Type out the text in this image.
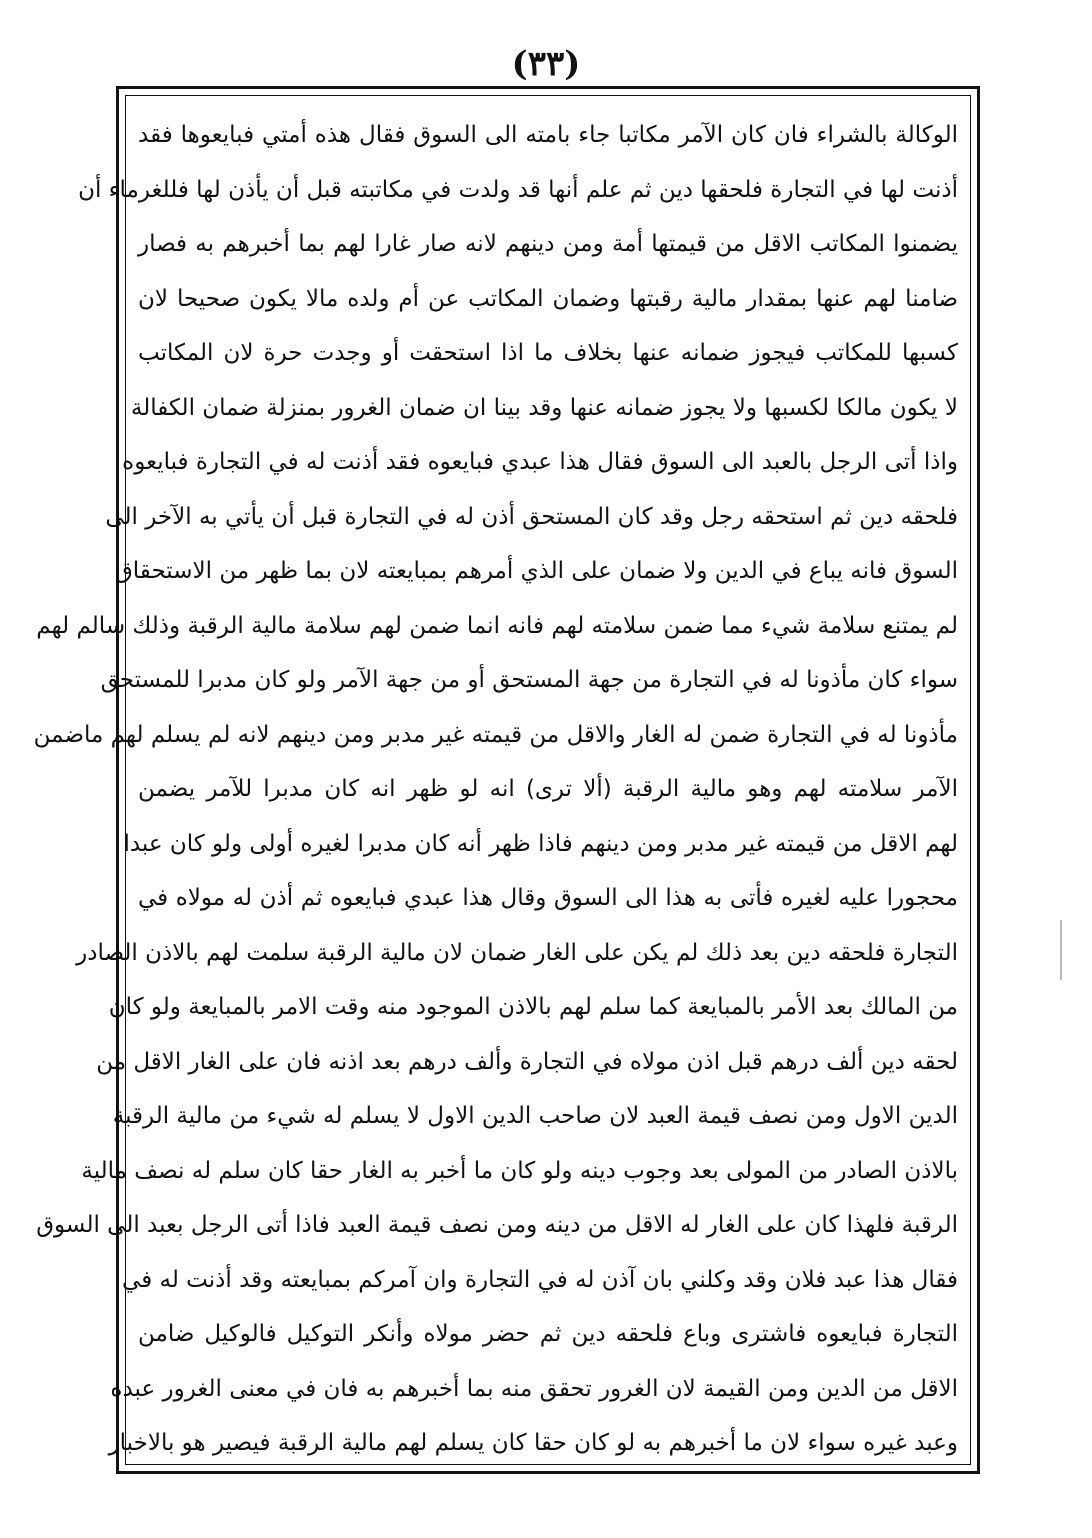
(٣٣)
الوكالة بالشراء فان كان الآمر مكاتبا جاء بامته الى السوق فقال هذه أمتي فبايعوها فقد
أذنت لها في التجارة فلحقها دين ثم علم أنها قد ولدت في مكاتبته قبل أن يأذن لها فللغرماء أن
يضمنوا المكاتب الاقل من قيمتها أمة ومن دينهم لانه صار غارا لهم بما أخبرهم به فصار
ضامنا لهم عنها بمقدار مالية رقبتها وضمان المكاتب عن أم ولده مالا يكون صحيحا لان
كسبها للمكاتب فيجوز ضمانه عنها بخلاف ما اذا استحقت أو وجدت حرة لان المكاتب
لا يكون مالكا لكسبها ولا يجوز ضمانه عنها وقد بينا ان ضمان الغرور بمنزلة ضمان الكفالة
واذا أتى الرجل بالعبد الى السوق فقال هذا عبدي فبايعوه فقد أذنت له في التجارة فبايعوه
فلحقه دين ثم استحقه رجل وقد كان المستحق أذن له في التجارة قبل أن يأتي به الآخر الى
السوق فانه يباع في الدين ولا ضمان على الذي أمرهم بمبايعته لان بما ظهر من الاستحقاق
لم يمتنع سلامة شيء مما ضمن سلامته لهم فانه انما ضمن لهم سلامة مالية الرقبة وذلك سالم لهم
سواء كان مأذونا له في التجارة من جهة المستحق أو من جهة الآمر ولو كان مدبرا للمستحق
مأذونا له في التجارة ضمن له الغار والاقل من قيمته غير مدبر ومن دينهم لانه لم يسلم لهم ماضمن
الآمر سلامته لهم وهو مالية الرقبة (ألا ترى) انه لو ظهر انه كان مدبرا للآمر يضمن
لهم الاقل من قيمته غير مدبر ومن دينهم فاذا ظهر أنه كان مدبرا لغيره أولى ولو كان عبدا
محجورا عليه لغيره فأتى به هذا الى السوق وقال هذا عبدي فبايعوه ثم أذن له مولاه في
التجارة فلحقه دين بعد ذلك لم يكن على الغار ضمان لان مالية الرقبة سلمت لهم بالاذن الصادر
من المالك بعد الأمر بالمبايعة كما سلم لهم بالاذن الموجود منه وقت الامر بالمبايعة ولو كان
لحقه دين ألف درهم قبل اذن مولاه في التجارة وألف درهم بعد اذنه فان على الغار الاقل من
الدين الاول ومن نصف قيمة العبد لان صاحب الدين الاول لا يسلم له شيء من مالية الرقبة
بالاذن الصادر من المولى بعد وجوب دينه ولو كان ما أخبر به الغار حقا كان سلم له نصف مالية
الرقبة فلهذا كان على الغار له الاقل من دينه ومن نصف قيمة العبد فاذا أتى الرجل بعبد الى السوق
فقال هذا عبد فلان وقد وكلني بان آذن له في التجارة وان آمركم بمبايعته وقد أذنت له في
التجارة فبايعوه فاشترى وباع فلحقه دين ثم حضر مولاه وأنكر التوكيل فالوكيل ضامن
الاقل من الدين ومن القيمة لان الغرور تحقق منه بما أخبرهم به فان في معنى الغرور عبده
وعبد غيره سواء لان ما أخبرهم به لو كان حقا كان يسلم لهم مالية الرقبة فيصير هو بالاخبار
